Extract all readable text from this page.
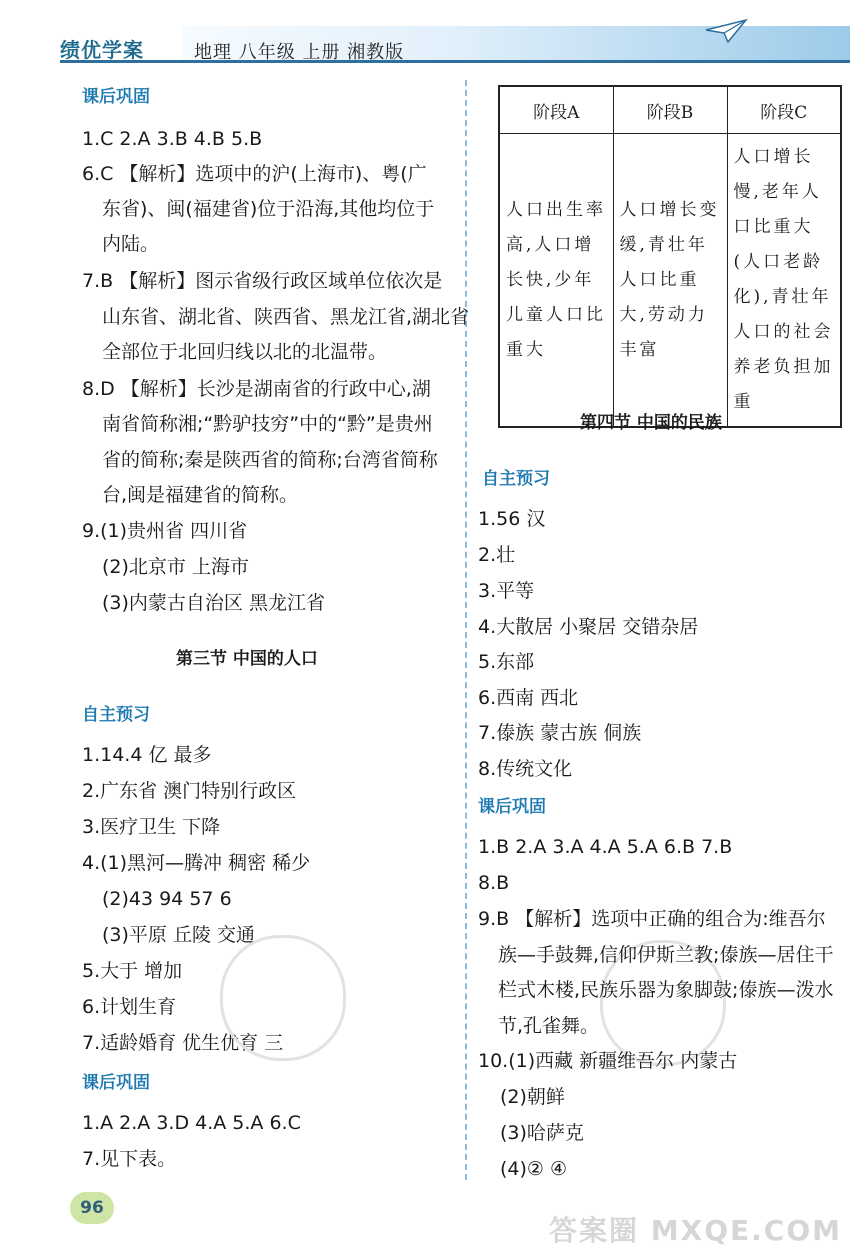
绩优学案	地理 八年级 上册 湘教版
课后巩固
1.C 2.A 3.B 4.B 5.B
6.C 【解析】选项中的沪(上海市)、粤(广
东省)、闽(福建省)位于沿海,其他均位于
内陆。
7.B 【解析】图示省级行政区域单位依次是
山东省、湖北省、陕西省、黑龙江省,湖北省
全部位于北回归线以北的北温带。
8.D 【解析】长沙是湖南省的行政中心,湖
南省简称湘;“黔驴技穷”中的“黔”是贵州
省的简称;秦是陕西省的简称;台湾省简称
台,闽是福建省的简称。
9.(1)贵州省 四川省
(2)北京市 上海市
(3)内蒙古自治区 黑龙江省
第三节 中国的人口
自主预习
1.14.4 亿 最多
2.广东省 澳门特别行政区
3.医疗卫生 下降
4.(1)黑河—腾冲 稠密 稀少
(2)43 94 57 6
(3)平原 丘陵 交通
5.大于 增加
6.计划生育
7.适龄婚育 优生优育 三
课后巩固
1.A 2.A 3.D 4.A 5.A 6.C
7.见下表。
阶段A	阶段B	阶段C
人口出生率高,人口增长快,少年儿童人口比重大	人口增长变缓,青壮年人口比重大,劳动力丰富	人口增长慢,老年人口比重大(人口老龄化),青壮年人口的社会养老负担加重
第四节 中国的民族
自主预习
1.56 汉
2.壮
3.平等
4.大散居 小聚居 交错杂居
5.东部
6.西南 西北
7.傣族 蒙古族 侗族
8.传统文化
课后巩固
1.B 2.A 3.A 4.A 5.A 6.B 7.B
8.B
9.B 【解析】选项中正确的组合为:维吾尔
族—手鼓舞,信仰伊斯兰教;傣族—居住干
栏式木楼,民族乐器为象脚鼓;傣族—泼水
节,孔雀舞。
10.(1)西藏 新疆维吾尔 内蒙古
(2)朝鲜
(3)哈萨克
(4)② ④
96
答案圈 MXQE.COM
